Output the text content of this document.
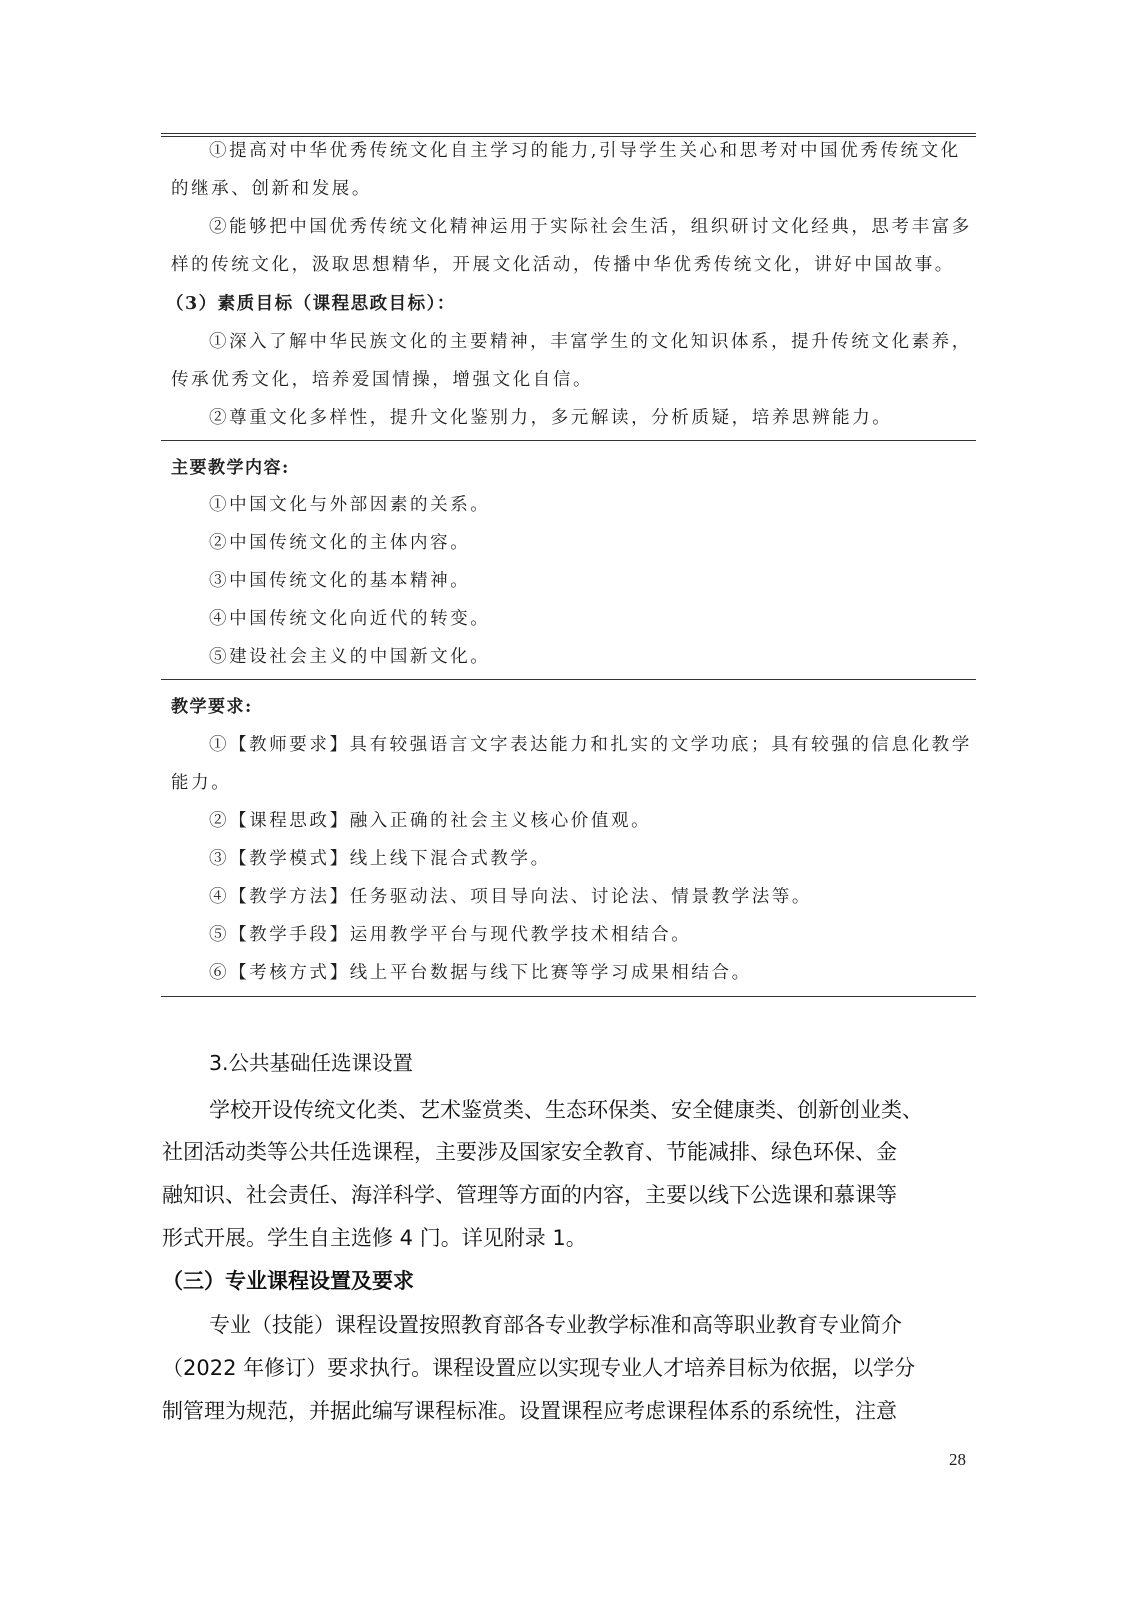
①提高对中华优秀传统文化自主学习的能力,引导学生关心和思考对中国优秀传统文化
的继承、创新和发展。
②能够把中国优秀传统文化精神运用于实际社会生活，组织研讨文化经典，思考丰富多
样的传统文化，汲取思想精华，开展文化活动，传播中华优秀传统文化，讲好中国故事。
（3）素质目标（课程思政目标）：
①深入了解中华民族文化的主要精神，丰富学生的文化知识体系，提升传统文化素养，
传承优秀文化，培养爱国情操，增强文化自信。
②尊重文化多样性，提升文化鉴别力，多元解读，分析质疑，培养思辨能力。
主要教学内容:
①中国文化与外部因素的关系。
②中国传统文化的主体内容。
③中国传统文化的基本精神。
④中国传统文化向近代的转变。
⑤建设社会主义的中国新文化。
教学要求:
①【教师要求】具有较强语言文字表达能力和扎实的文学功底；具有较强的信息化教学
能力。
②【课程思政】融入正确的社会主义核心价值观。
③【教学模式】线上线下混合式教学。
④【教学方法】任务驱动法、项目导向法、讨论法、情景教学法等。
⑤【教学手段】运用教学平台与现代教学技术相结合。
⑥【考核方式】线上平台数据与线下比赛等学习成果相结合。
3.公共基础任选课设置
学校开设传统文化类、艺术鉴赏类、生态环保类、安全健康类、创新创业类、
社团活动类等公共任选课程，主要涉及国家安全教育、节能减排、绿色环保、金
融知识、社会责任、海洋科学、管理等方面的内容，主要以线下公选课和慕课等
形式开展。学生自主选修 4 门。详见附录 1。
（三）专业课程设置及要求
专业（技能）课程设置按照教育部各专业教学标准和高等职业教育专业简介
（2022 年修订）要求执行。课程设置应以实现专业人才培养目标为依据，以学分
制管理为规范，并据此编写课程标准。设置课程应考虑课程体系的系统性，注意
28
